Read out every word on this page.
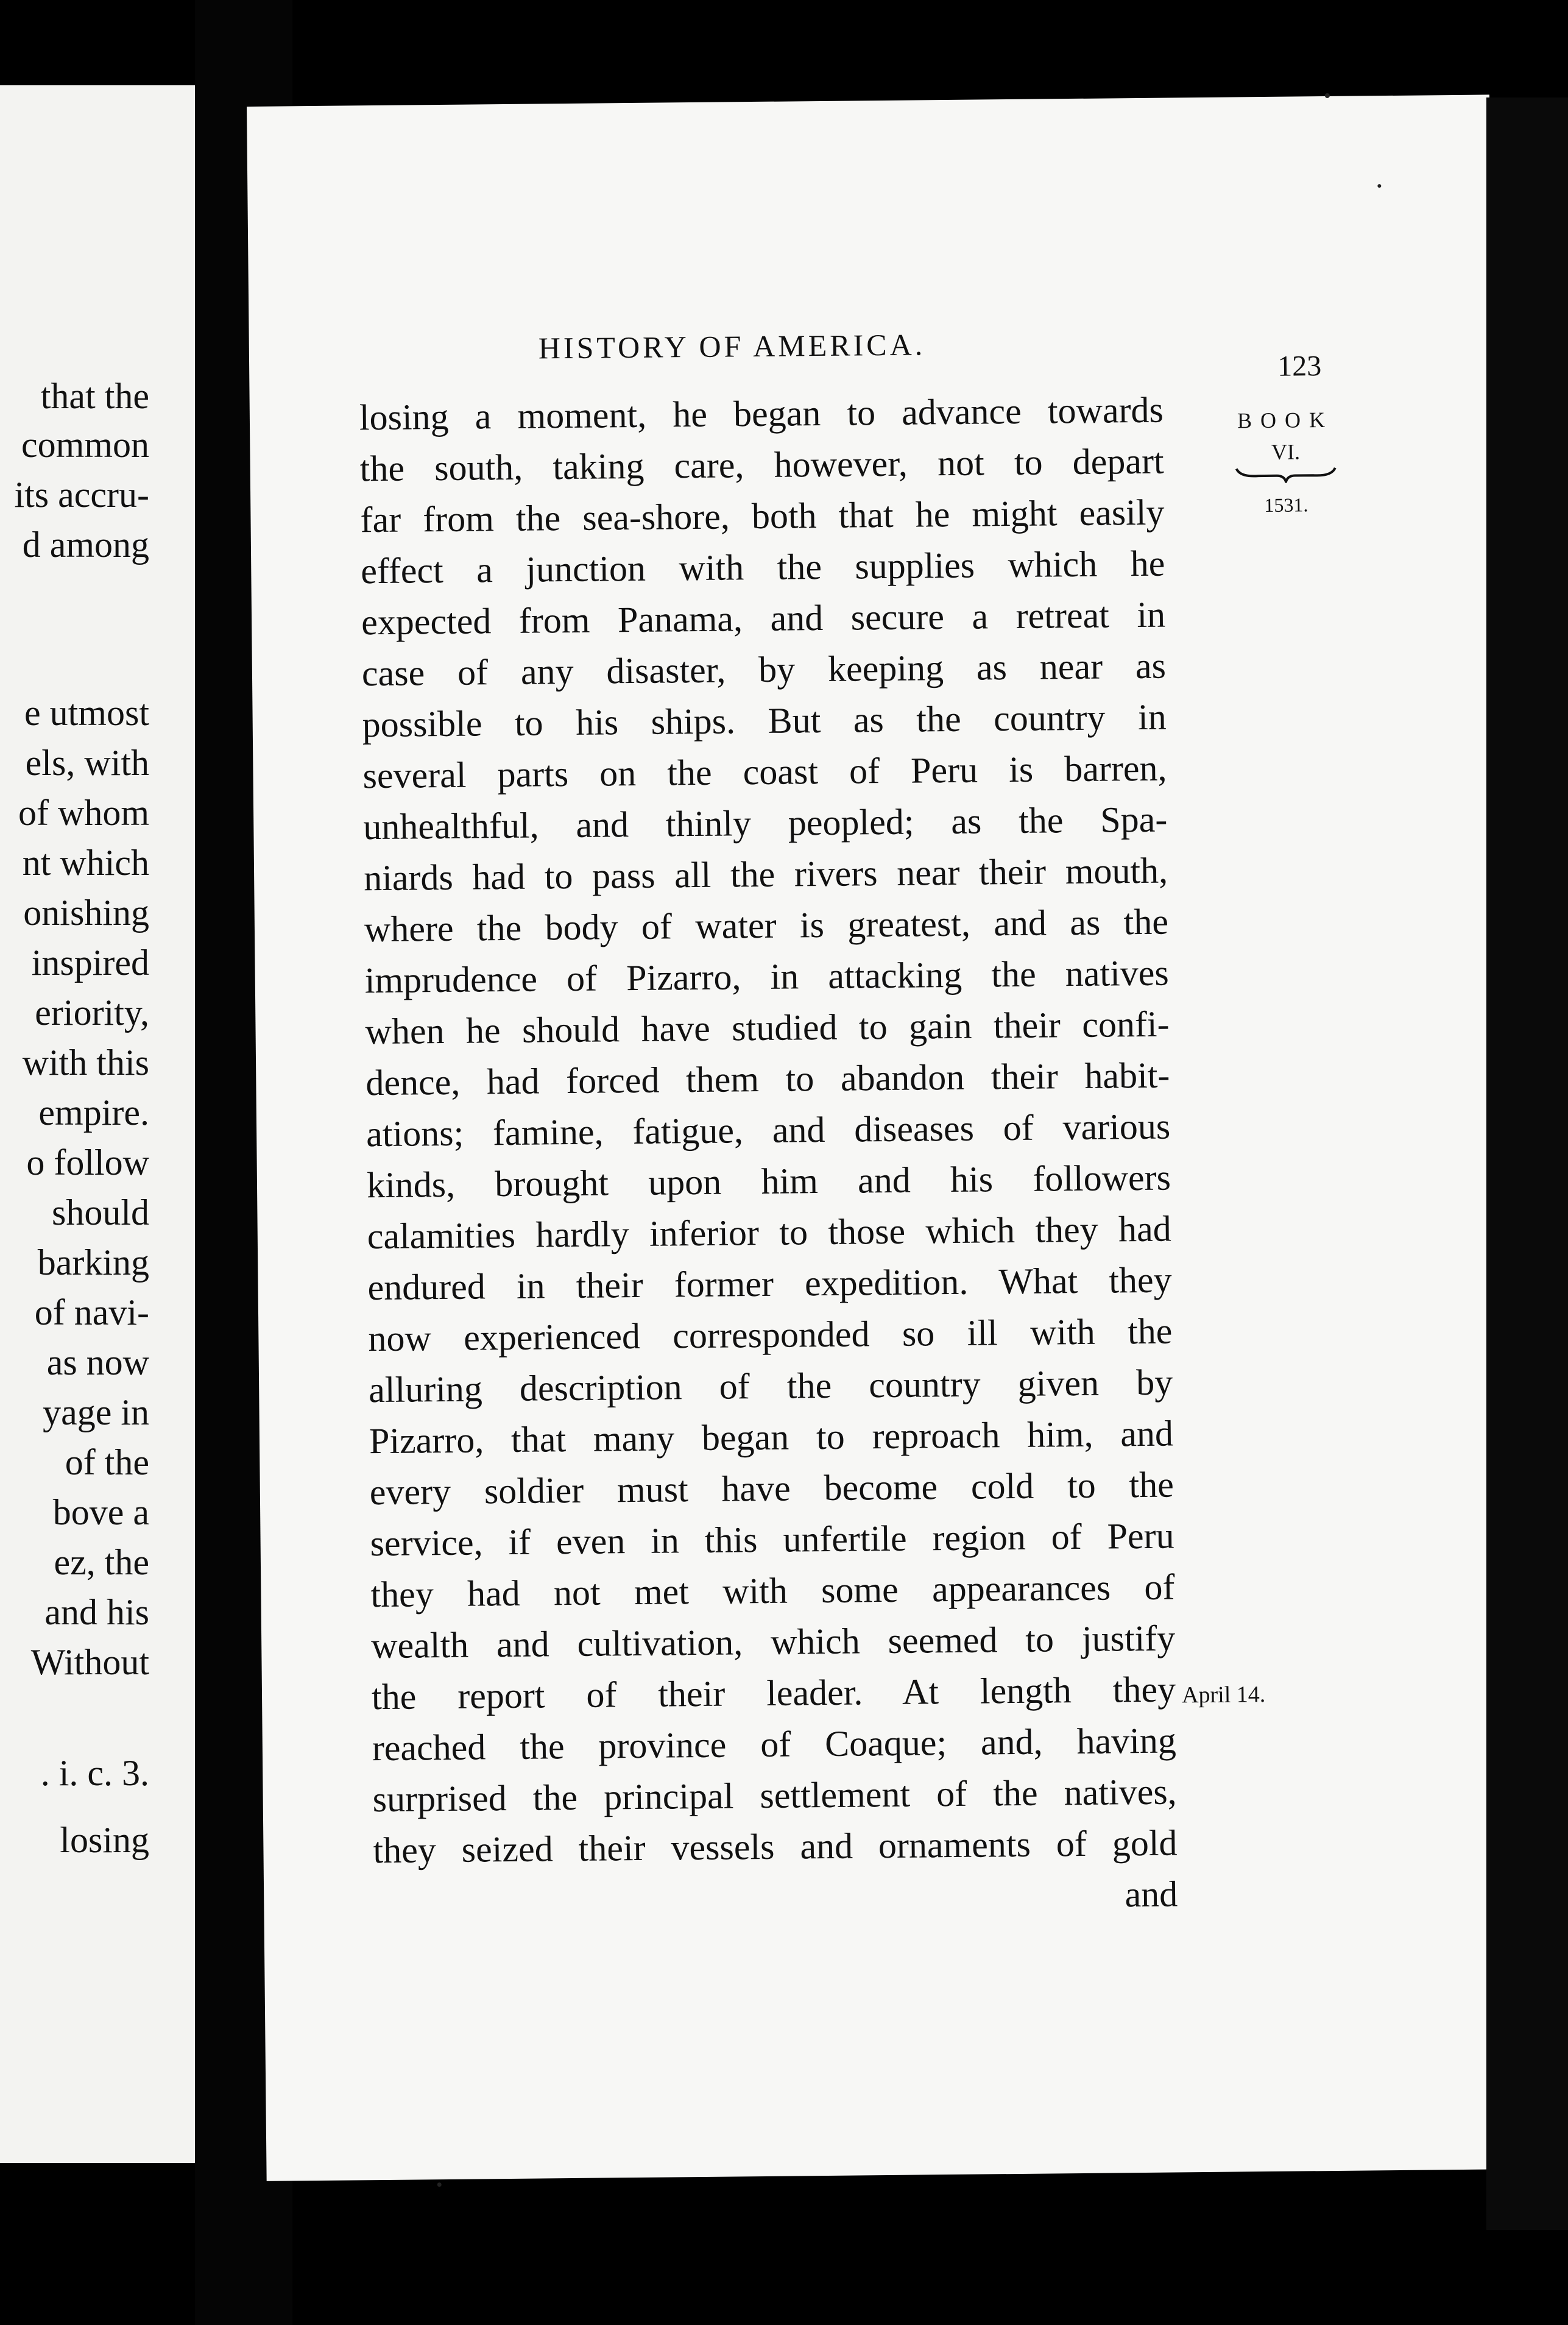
that the
common
its accru-
d among
e utmost
els, with
of whom
nt which
onishing
inspired
eriority,
with this
empire.
o follow
should
barking
of navi-
as now
yage in
of the
bove a
ez, the
and his
Without
. i. c. 3.
losing
HISTORY OF AMERICA.
123
losing a moment, he began to advance towards
the south, taking care, however, not to depart
far from the sea-shore, both that he might easily
effect a junction with the supplies which he
expected from Panama, and secure a retreat in
case of any disaster, by keeping as near as
possible to his ships. But as the country in
several parts on the coast of Peru is barren,
unhealthful, and thinly peopled; as the Spa-
niards had to pass all the rivers near their mouth,
where the body of water is greatest, and as the
imprudence of Pizarro, in attacking the natives
when he should have studied to gain their confi-
dence, had forced them to abandon their habit-
ations; famine, fatigue, and diseases of various
kinds, brought upon him and his followers
calamities hardly inferior to those which they had
endured in their former expedition. What they
now experienced corresponded so ill with the
alluring description of the country given by
Pizarro, that many began to reproach him, and
every soldier must have become cold to the
service, if even in this unfertile region of Peru
they had not met with some appearances of
wealth and cultivation, which seemed to justify
the report of their leader. At length they
reached the province of Coaque; and, having
surprised the principal settlement of the natives,
they seized their vessels and ornaments of gold
and
BOOK
VI.
1531.
April 14.
